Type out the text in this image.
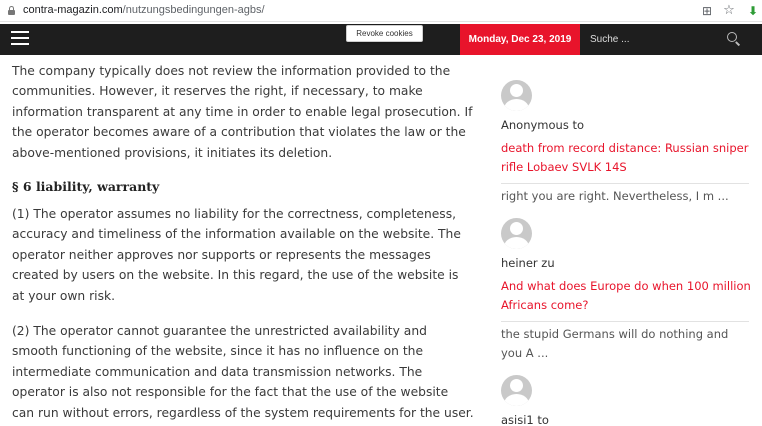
contra-magazin.com/nutzungsbedingungen-agbs/	⊞ ☆ ⬇
Revoke cookies
Monday, Dec 23, 2019	Suche ...

The company typically does not review the information provided to the communities. However, it reserves the right, if necessary, to make information transparent at any time in order to enable legal prosecution. If the operator becomes aware of a contribution that violates the law or the above-mentioned provisions, it initiates its deletion.

§ 6 liability, warranty

(1) The operator assumes no liability for the correctness, completeness, accuracy and timeliness of the information available on the website. The operator neither approves nor supports or represents the messages created by users on the website. In this regard, the use of the website is at your own risk.

(2) The operator cannot guarantee the unrestricted availability and smooth functioning of the website, since it has no influence on the intermediate communication and data transmission networks. The operator is also not responsible for the fact that the use of the website can run without errors, regardless of the system requirements for the user.

Anonymous to
death from record distance: Russian sniper rifle Lobaev SVLK 14S
right you are right. Nevertheless, I m ...
heiner zu
And what does Europe do when 100 million Africans come?
the stupid Germans will do nothing and you A ...
asisi1 to
